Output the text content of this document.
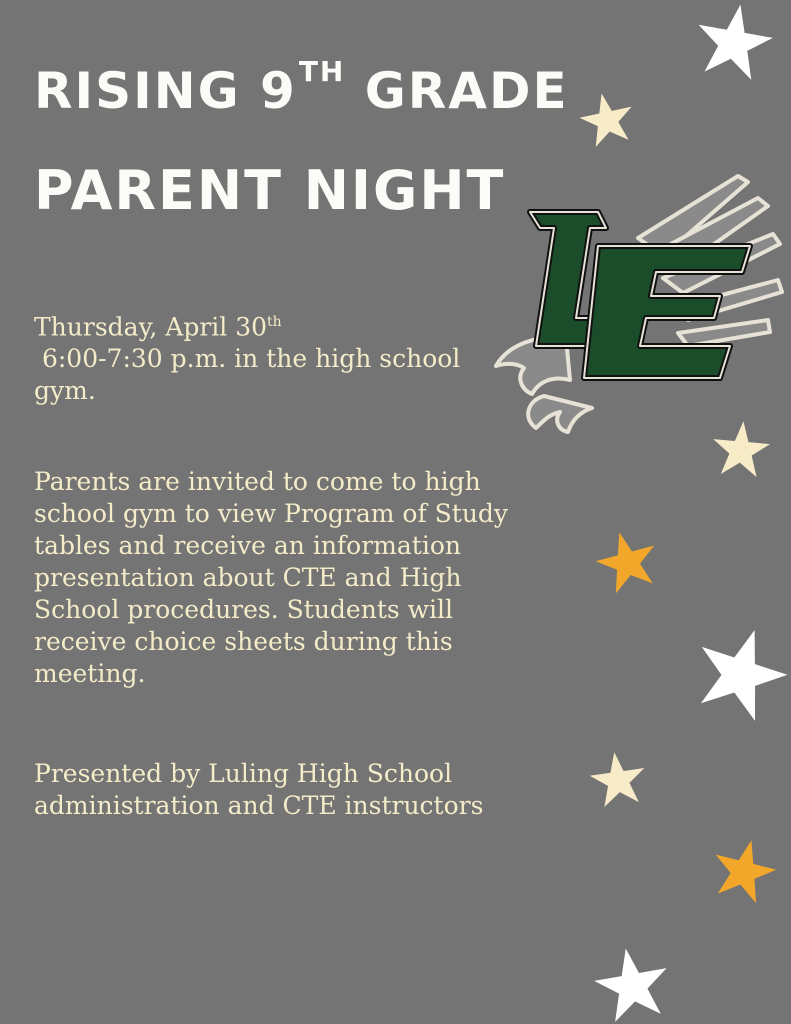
RISING 9TH GRADE
PARENT NIGHT

Thursday, April 30th
6:00-7:30 p.m. in the high school gym.

Parents are invited to come to high school gym to view Program of Study tables and receive an information presentation about CTE and High School procedures. Students will receive choice sheets during this meeting.

Presented by Luling High School
administration and CTE instructors
